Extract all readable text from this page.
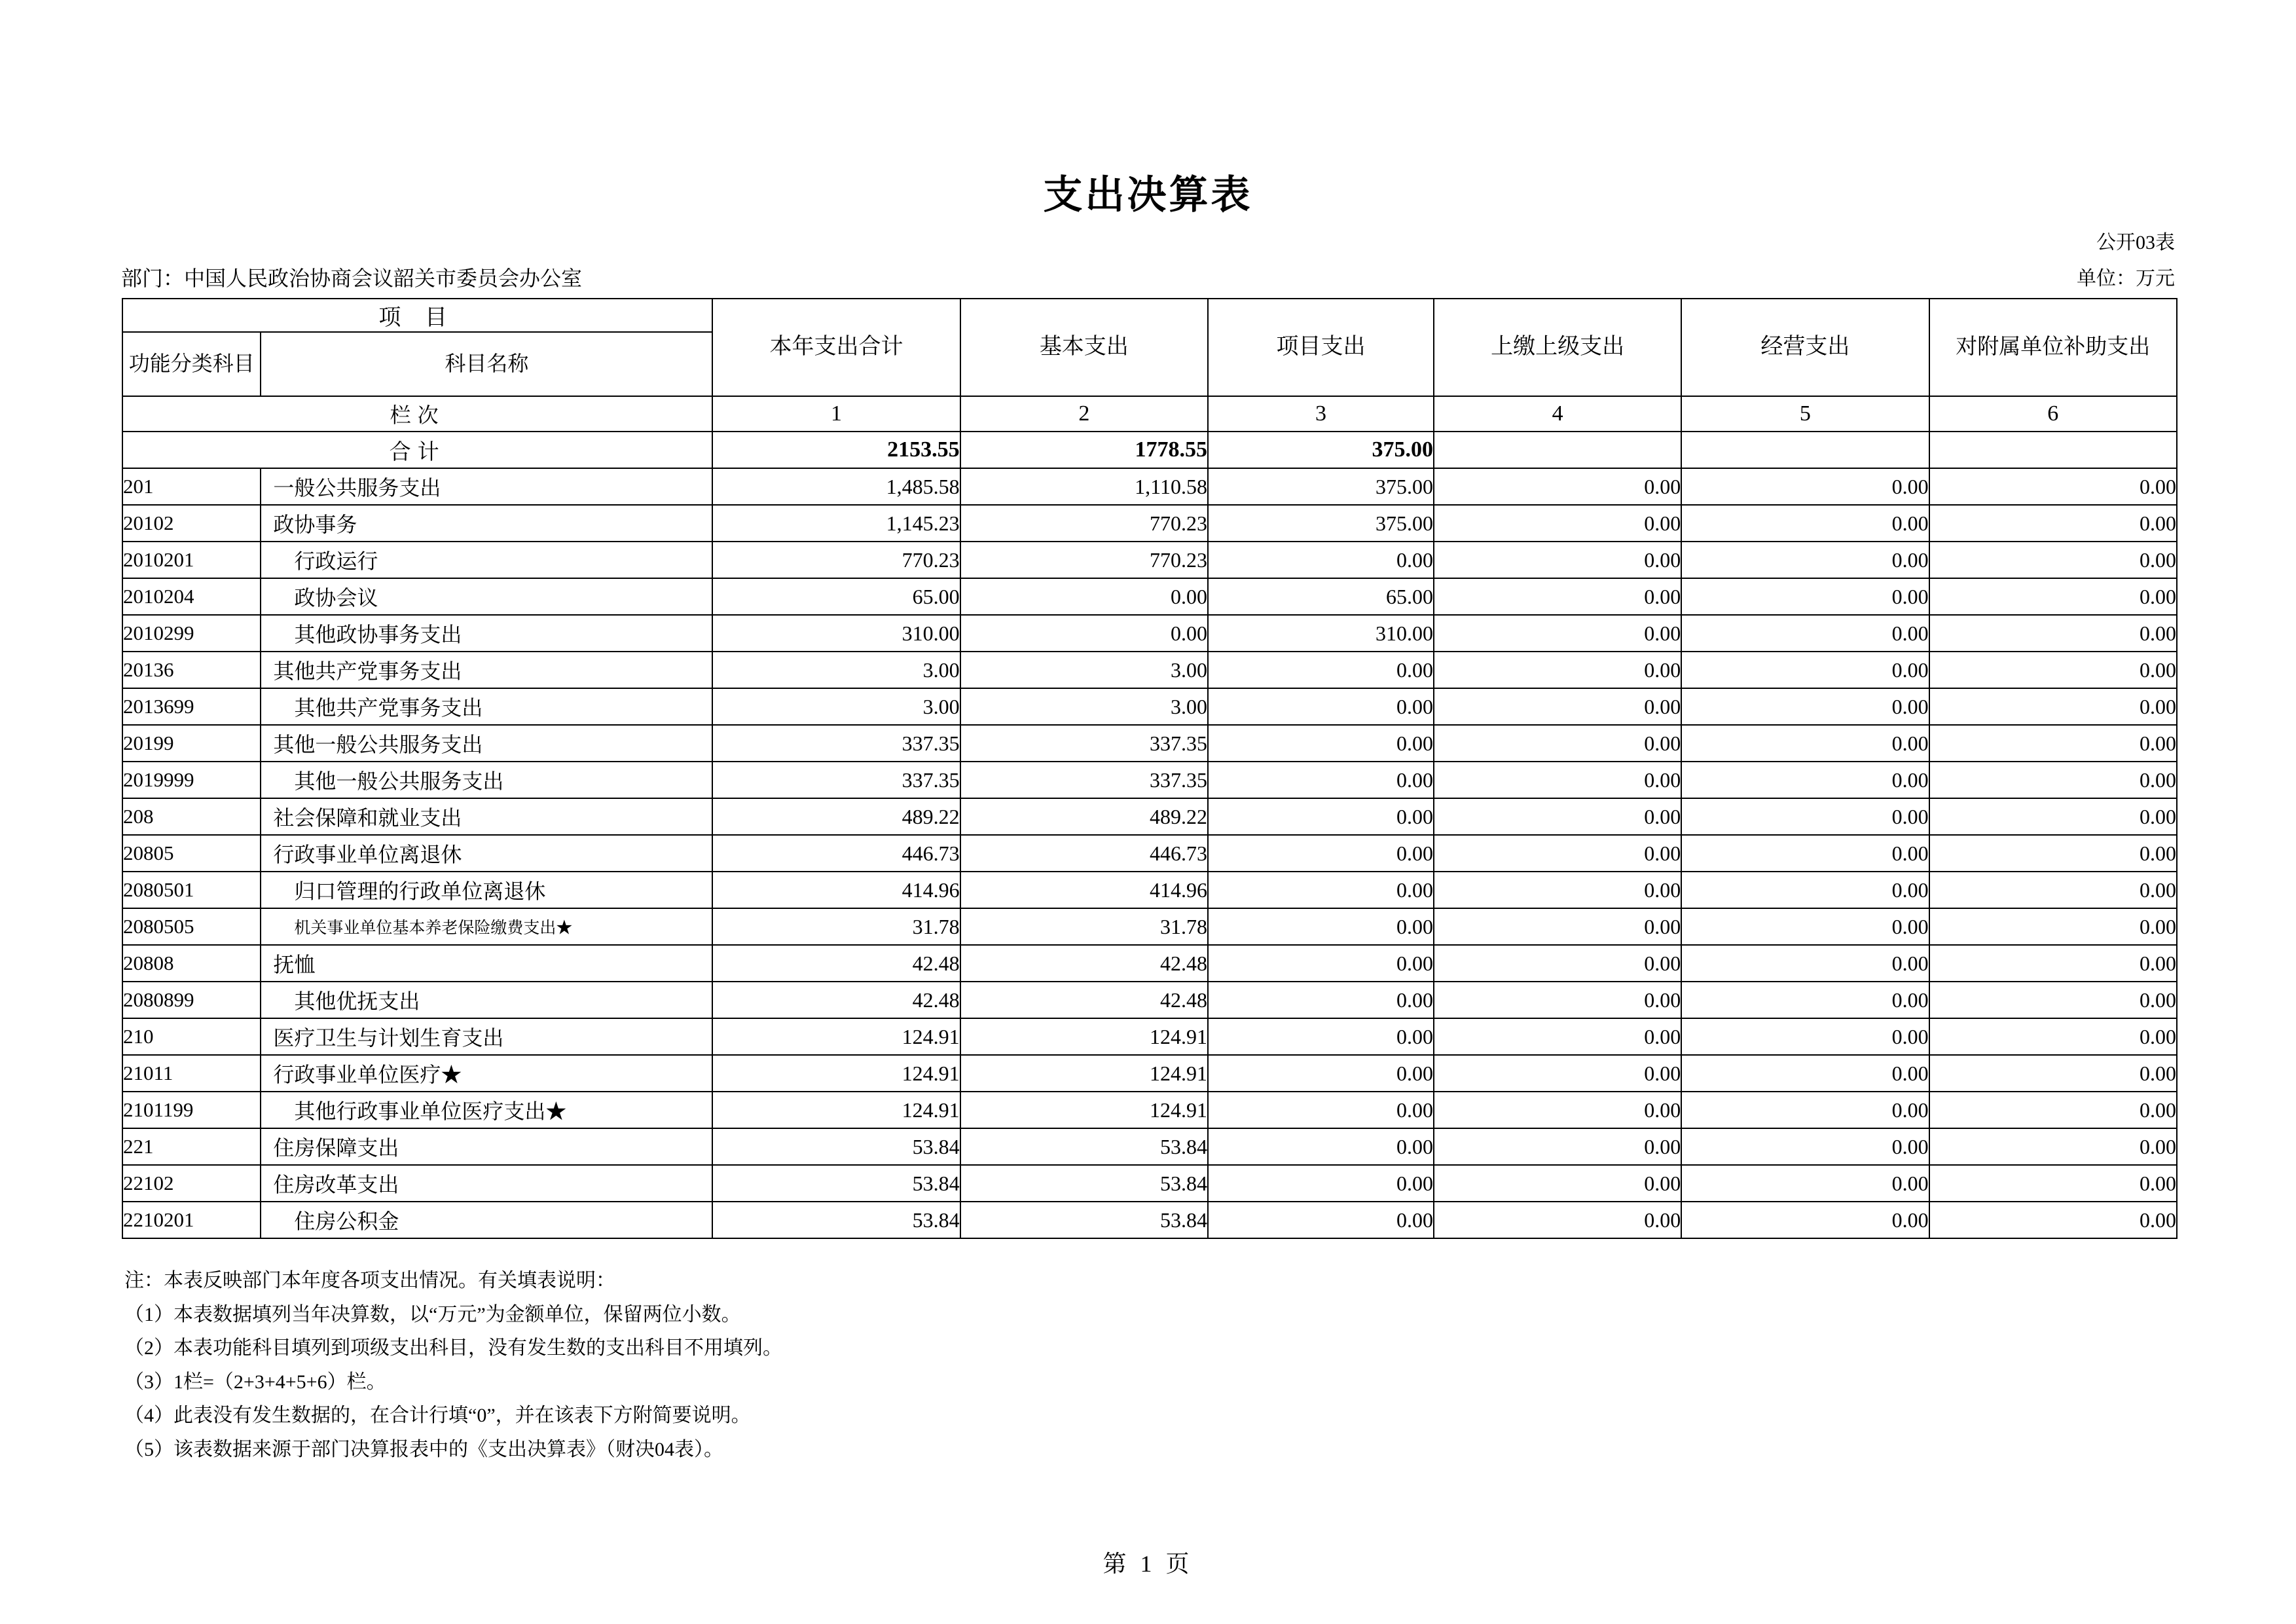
支出决算表
公开03表
部门：中国人民政治协商会议韶关市委员会办公室	单位：万元
项 目		本年支出合计	基本支出	项目支出	上缴上级支出	经营支出	对附属单位补助支出
功能分类科目	科目名称						
栏次		1	2	3	4	5	6
合计		2153.55	1778.55	375.00			
201	一般公共服务支出	1,485.58	1,110.58	375.00	0.00	0.00	0.00
20102	政协事务	1,145.23	770.23	375.00	0.00	0.00	0.00
2010201	行政运行	770.23	770.23	0.00	0.00	0.00	0.00
2010204	政协会议	65.00	0.00	65.00	0.00	0.00	0.00
2010299	其他政协事务支出	310.00	0.00	310.00	0.00	0.00	0.00
20136	其他共产党事务支出	3.00	3.00	0.00	0.00	0.00	0.00
2013699	其他共产党事务支出	3.00	3.00	0.00	0.00	0.00	0.00
20199	其他一般公共服务支出	337.35	337.35	0.00	0.00	0.00	0.00
2019999	其他一般公共服务支出	337.35	337.35	0.00	0.00	0.00	0.00
208	社会保障和就业支出	489.22	489.22	0.00	0.00	0.00	0.00
20805	行政事业单位离退休	446.73	446.73	0.00	0.00	0.00	0.00
2080501	归口管理的行政单位离退休	414.96	414.96	0.00	0.00	0.00	0.00
2080505	机关事业单位基本养老保险缴费支出★	31.78	31.78	0.00	0.00	0.00	0.00
20808	抚恤	42.48	42.48	0.00	0.00	0.00	0.00
2080899	其他优抚支出	42.48	42.48	0.00	0.00	0.00	0.00
210	医疗卫生与计划生育支出	124.91	124.91	0.00	0.00	0.00	0.00
21011	行政事业单位医疗★	124.91	124.91	0.00	0.00	0.00	0.00
2101199	其他行政事业单位医疗支出★	124.91	124.91	0.00	0.00	0.00	0.00
221	住房保障支出	53.84	53.84	0.00	0.00	0.00	0.00
22102	住房改革支出	53.84	53.84	0.00	0.00	0.00	0.00
2210201	住房公积金	53.84	53.84	0.00	0.00	0.00	0.00
注：本表反映部门本年度各项支出情况。有关填表说明：
（1）本表数据填列当年决算数，以“万元”为金额单位，保留两位小数。
（2）本表功能科目填列到项级支出科目，没有发生数的支出科目不用填列。
（3）1栏=（2+3+4+5+6）栏。
（4）此表没有发生数据的，在合计行填“0”，并在该表下方附简要说明。
（5）该表数据来源于部门决算报表中的《支出决算表》（财决04表）。
第 1 页
